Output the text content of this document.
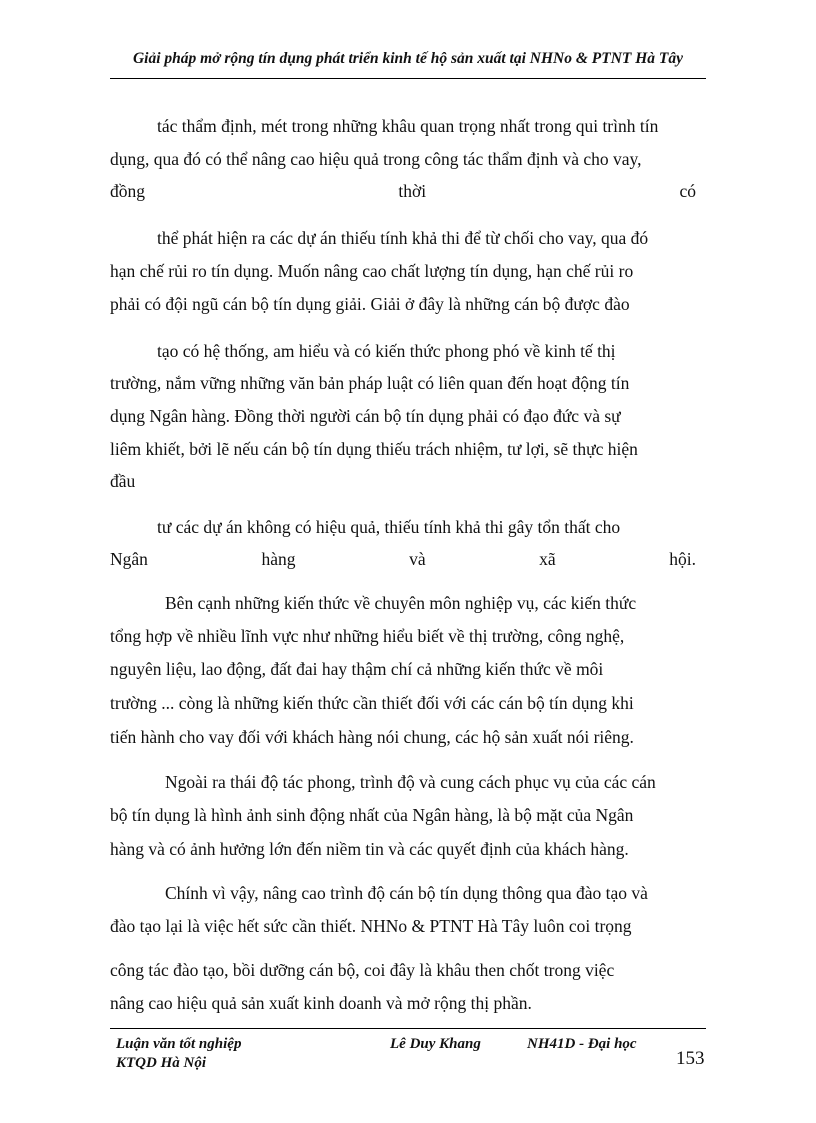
Giải pháp mở rộng tín dụng phát triển kinh tế hộ sản xuất tại NHNo & PTNT Hà Tây
tác thẩm định, mét trong những khâu quan trọng nhất trong qui trình tín
dụng, qua đó có thể nâng cao hiệu quả trong công tác thẩm định và cho vay,
đồng thời có
thể phát hiện ra các dự án thiếu tính khả thi để từ chối cho vay, qua đó
hạn chế rủi ro tín dụng. Muốn nâng cao chất lượng tín dụng, hạn chế rủi ro
phải có đội ngũ cán bộ tín dụng giải. Giải ở đây là những cán bộ được đào
tạo có hệ thống, am hiểu và có kiến thức phong phó về kinh tế thị
trường, nắm vững những văn bản pháp luật có liên quan đến hoạt động tín
dụng Ngân hàng. Đồng thời người cán bộ tín dụng phải có đạo đức và sự
liêm khiết, bởi lẽ nếu cán bộ tín dụng thiếu trách nhiệm, tư lợi, sẽ thực hiện
đầu
tư các dự án không có hiệu quả, thiếu tính khả thi gây tổn thất cho
Ngân hàng và xã hội.
Bên cạnh những kiến thức về chuyên môn nghiệp vụ, các kiến thức
tổng hợp về nhiều lĩnh vực như những hiểu biết về thị trường, công nghệ,
nguyên liệu, lao động, đất đai hay thậm chí cả những kiến thức về môi
trường ... còng là những kiến thức cần thiết đối với các cán bộ tín dụng khi
tiến hành cho vay đối với khách hàng nói chung, các hộ sản xuất nói riêng.
Ngoài ra thái độ tác phong, trình độ và cung cách phục vụ của các cán
bộ tín dụng là hình ảnh sinh động nhất của Ngân hàng, là bộ mặt của Ngân
hàng và có ảnh hưởng lớn đến niềm tin và các quyết định của khách hàng.
Chính vì vậy, nâng cao trình độ cán bộ tín dụng thông qua đào tạo và
đào tạo lại là việc hết sức cần thiết. NHNo & PTNT Hà Tây luôn coi trọng
công tác đào tạo, bồi dưỡng cán bộ, coi đây là khâu then chốt trong việc
nâng cao hiệu quả sản xuất kinh doanh và mở rộng thị phần.
Luận văn tốt nghiệp
KTQD Hà Nội
Lê Duy Khang	NH41D - Đại học
153
